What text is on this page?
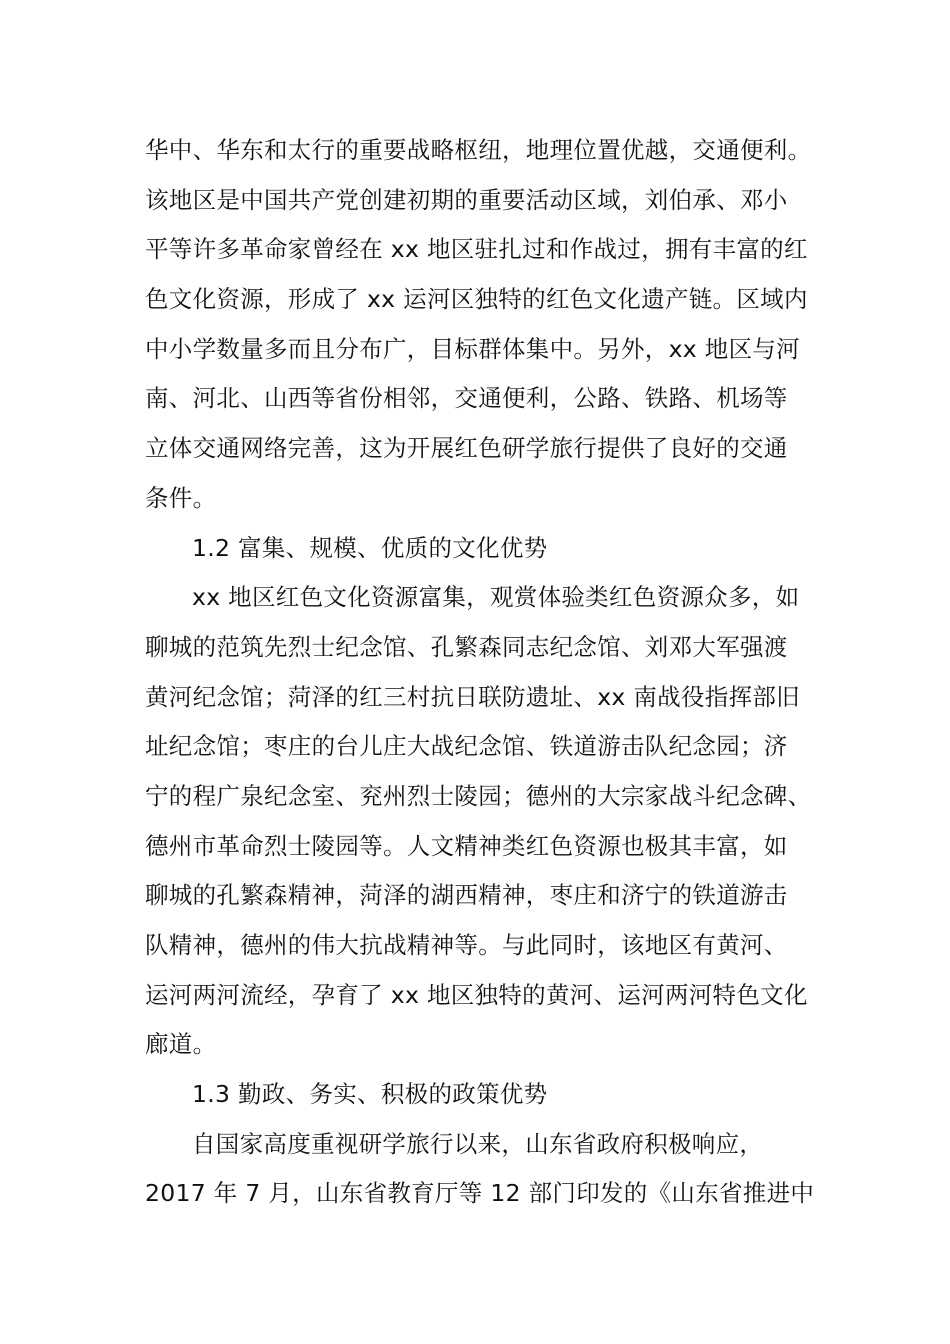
华中、华东和太行的重要战略枢纽，地理位置优越，交通便利。
该地区是中国共产党创建初期的重要活动区域，刘伯承、邓小
平等许多革命家曾经在 xx 地区驻扎过和作战过，拥有丰富的红
色文化资源，形成了 xx 运河区独特的红色文化遗产链。区域内
中小学数量多而且分布广，目标群体集中。另外，xx 地区与河
南、河北、山西等省份相邻，交通便利，公路、铁路、机场等
立体交通网络完善，这为开展红色研学旅行提供了良好的交通
条件。
1.2 富集、规模、优质的文化优势
xx 地区红色文化资源富集，观赏体验类红色资源众多，如
聊城的范筑先烈士纪念馆、孔繁森同志纪念馆、刘邓大军强渡
黄河纪念馆；菏泽的红三村抗日联防遗址、xx 南战役指挥部旧
址纪念馆；枣庄的台儿庄大战纪念馆、铁道游击队纪念园；济
宁的程广泉纪念室、兖州烈士陵园；德州的大宗家战斗纪念碑、
德州市革命烈士陵园等。人文精神类红色资源也极其丰富，如
聊城的孔繁森精神，菏泽的湖西精神，枣庄和济宁的铁道游击
队精神，德州的伟大抗战精神等。与此同时，该地区有黄河、
运河两河流经，孕育了 xx 地区独特的黄河、运河两河特色文化
廊道。
1.3 勤政、务实、积极的政策优势
自国家高度重视研学旅行以来，山东省政府积极响应，
2017 年 7 月，山东省教育厅等 12 部门印发的《山东省推进中
